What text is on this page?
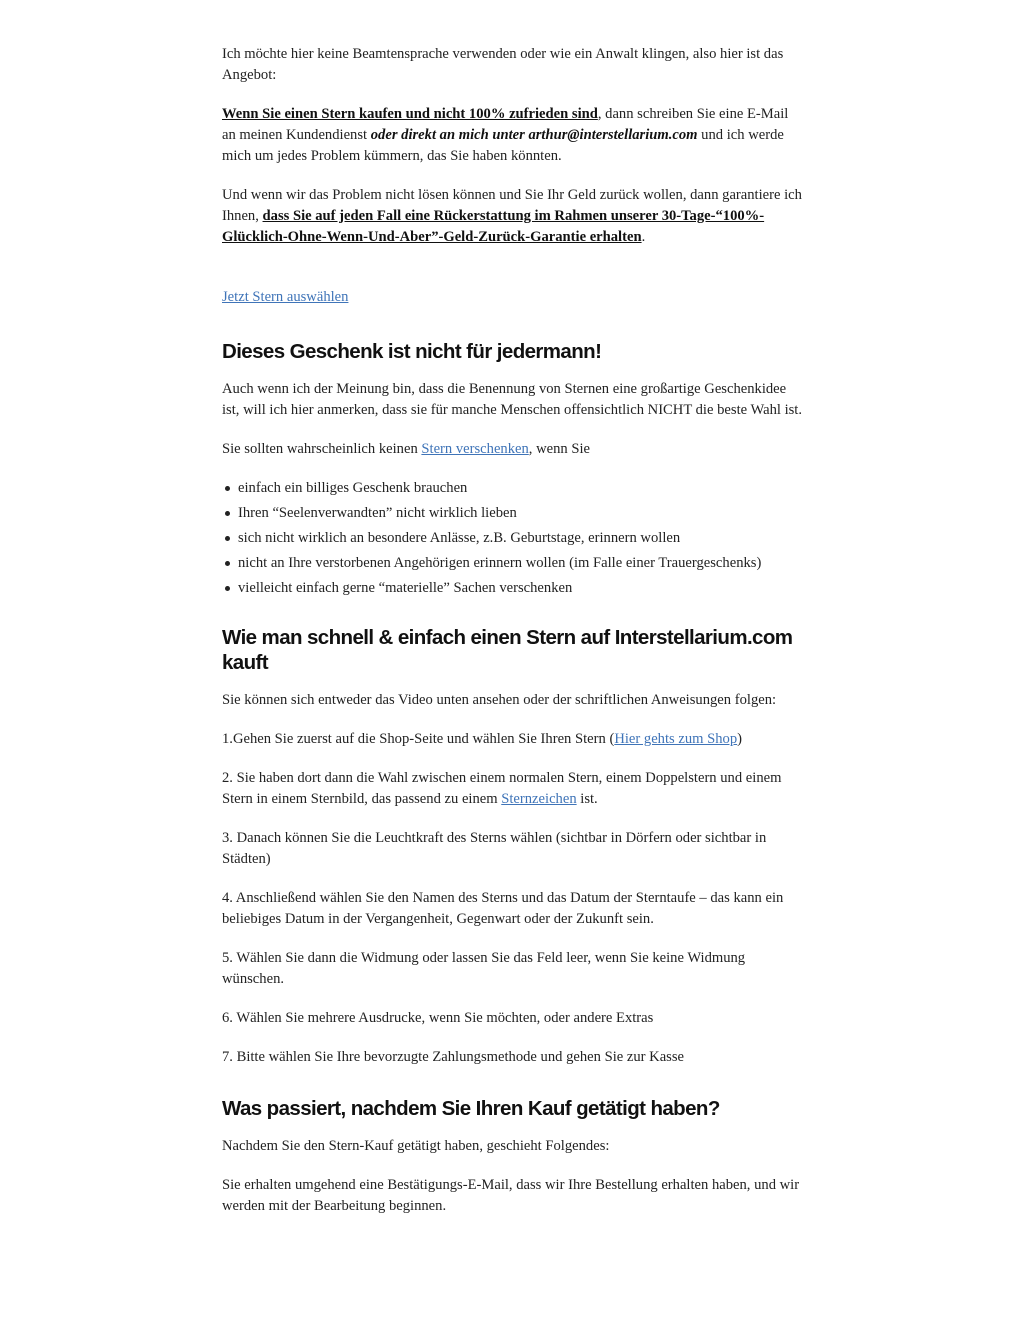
Ich möchte hier keine Beamtensprache verwenden oder wie ein Anwalt klingen, also hier ist das Angebot:

Wenn Sie einen Stern kaufen und nicht 100% zufrieden sind, dann schreiben Sie eine E-Mail an meinen Kundendienst oder direkt an mich unter arthur@interstellarium.com und ich werde mich um jedes Problem kümmern, das Sie haben könnten.

Und wenn wir das Problem nicht lösen können und Sie Ihr Geld zurück wollen, dann garantiere ich Ihnen, dass Sie auf jeden Fall eine Rückerstattung im Rahmen unserer 30-Tage-“100%-Glücklich-Ohne-Wenn-Und-Aber”-Geld-Zurück-Garantie erhalten.

Jetzt Stern auswählen

Dieses Geschenk ist nicht für jedermann!

Auch wenn ich der Meinung bin, dass die Benennung von Sternen eine großartige Geschenkidee ist, will ich hier anmerken, dass sie für manche Menschen offensichtlich NICHT die beste Wahl ist.

Sie sollten wahrscheinlich keinen Stern verschenken, wenn Sie

einfach ein billiges Geschenk brauchen
Ihren “Seelenverwandten” nicht wirklich lieben
sich nicht wirklich an besondere Anlässe, z.B. Geburtstage, erinnern wollen
nicht an Ihre verstorbenen Angehörigen erinnern wollen (im Falle einer Trauergeschenks)
vielleicht einfach gerne “materielle” Sachen verschenken
Wie man schnell & einfach einen Stern auf Interstellarium.com kauft

Sie können sich entweder das Video unten ansehen oder der schriftlichen Anweisungen folgen:

1.Gehen Sie zuerst auf die Shop-Seite und wählen Sie Ihren Stern (Hier gehts zum Shop)

2. Sie haben dort dann die Wahl zwischen einem normalen Stern, einem Doppelstern und einem Stern in einem Sternbild, das passend zu einem Sternzeichen ist.

3. Danach können Sie die Leuchtkraft des Sterns wählen (sichtbar in Dörfern oder sichtbar in Städten)

4. Anschließend wählen Sie den Namen des Sterns und das Datum der Sterntaufe – das kann ein beliebiges Datum in der Vergangenheit, Gegenwart oder der Zukunft sein.

5. Wählen Sie dann die Widmung oder lassen Sie das Feld leer, wenn Sie keine Widmung wünschen.

6. Wählen Sie mehrere Ausdrucke, wenn Sie möchten, oder andere Extras

7. Bitte wählen Sie Ihre bevorzugte Zahlungsmethode und gehen Sie zur Kasse

Was passiert, nachdem Sie Ihren Kauf getätigt haben?

Nachdem Sie den Stern-Kauf getätigt haben, geschieht Folgendes:

Sie erhalten umgehend eine Bestätigungs-E-Mail, dass wir Ihre Bestellung erhalten haben, und wir werden mit der Bearbeitung beginnen.
